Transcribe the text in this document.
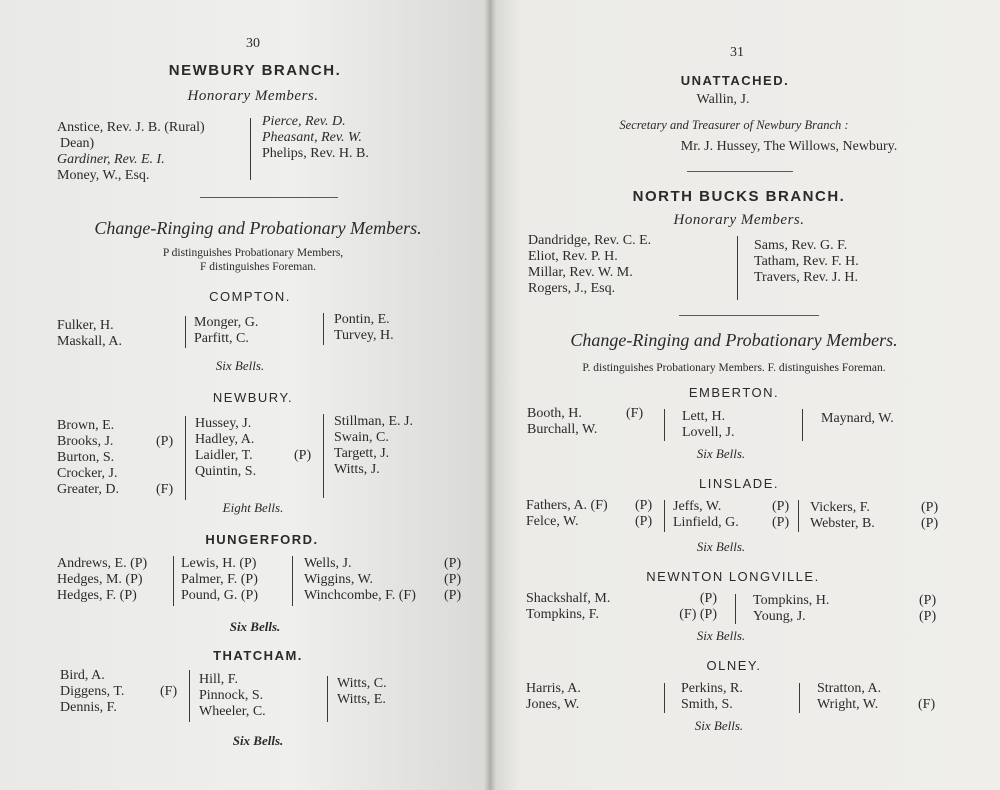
30
NEWBURY BRANCH.
Honorary Members.
Anstice, Rev. J. B. (Rural)
Dean)
Gardiner, Rev. E. I.
Money, W., Esq.
Pierce, Rev. D.
Pheasant, Rev. W.
Phelips, Rev. H. B.
Change-Ringing and Probationary Members.
P distinguishes Probationary Members,
F distinguishes Foreman.
COMPTON.
Fulker, H.
Maskall, A.
Monger, G.
Parfitt, C.
Pontin, E.
Turvey, H.
Six Bells.
NEWBURY.
Brown, E.
Brooks, J.
Burton, S.
Crocker, J.
Greater, D.
(P)
(F)
Hussey, J.
Hadley, A.
Laidler, T.
Quintin, S.
(P)
Stillman, E. J.
Swain, C.
Targett, J.
Witts, J.
Eight Bells.
HUNGERFORD.
Andrews, E. (P)
Hedges, M. (P)
Hedges, F. (P)
Lewis, H. (P)
Palmer, F. (P)
Pound, G. (P)
Wells, J.
Wiggins, W.
Winchcombe, F. (F)
(P)
(P)
(P)
Six Bells.
THATCHAM.
Bird, A.
Diggens, T.
Dennis, F.
(F)
Hill, F.
Pinnock, S.
Wheeler, C.
Witts, C.
Witts, E.
Six Bells.
31
UNATTACHED.
Wallin, J.
Secretary and Treasurer of Newbury Branch :
Mr. J. Hussey, The Willows, Newbury.
NORTH BUCKS BRANCH.
Honorary Members.
Dandridge, Rev. C. E.
Eliot, Rev. P. H.
Millar, Rev. W. M.
Rogers, J., Esq.
Sams, Rev. G. F.
Tatham, Rev. F. H.
Travers, Rev. J. H.
Change-Ringing and Probationary Members.
P. distinguishes Probationary Members. F. distinguishes Foreman.
EMBERTON.
Booth, H.
Burchall, W.
(F)	Lett, H.
Lovell, J.
Maynard, W.
Six Bells.
LINSLADE.
Fathers, A. (F)
Felce, W.
(P)
(P)
Jeffs, W.
Linfield, G.
(P)
(P)
Vickers, F.
Webster, B.
(P)
(P)
Six Bells.
NEWNTON LONGVILLE.
Shackshalf, M.
Tompkins, F.
(P)
(F) (P)
Tompkins, H.
Young, J.
(P)
(P)
Six Bells.
OLNEY.
Harris, A.
Jones, W.
Perkins, R.
Smith, S.
Stratton, A.
Wright, W.	(F)
Six Bells.
